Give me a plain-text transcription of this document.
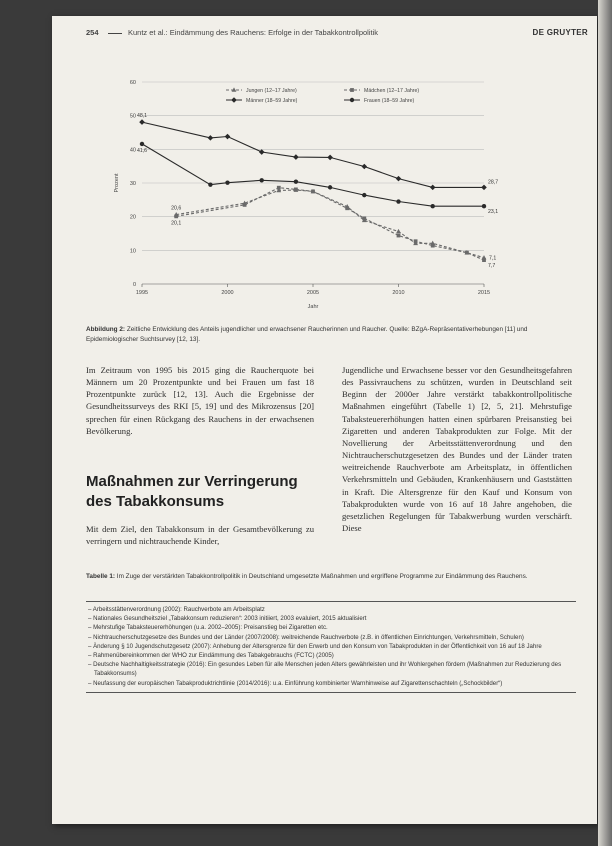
254	Kuntz et al.: Eindämmung des Rauchens: Erfolge in der Tabakkontrollpolitik	DE GRUYTER
0
10
20
30
40
50
60
1995	2000	2005	2010	2015
Jahr
Prozent
48,1
41,6
20,6
20,1
28,7
23,1
7,1
7,7
Jungen (12–17 Jahre)	Mädchen (12–17 Jahre)
Männer (18–59 Jahre)	Frauen (18–59 Jahre)
Abbildung 2: Zeitliche Entwicklung des Anteils jugendlicher und erwachsener Raucherinnen und Raucher. Quelle: BZgA-Repräsentativerhebungen [11] und Epidemiologischer Suchtsurvey [12, 13].

Im Zeitraum von 1995 bis 2015 ging die Raucherquote bei Männern um 20 Prozentpunkte und bei Frauen um fast 18 Prozentpunkte zurück [12, 13]. Auch die Ergebnisse der Gesundheitssurveys des RKI [5, 19] und des Mikrozensus [20] sprechen für einen Rückgang des Rauchens in der erwachsenen Bevölkerung.

Maßnahmen zur Verringerung des Tabakkonsums

Mit dem Ziel, den Tabakkonsum in der Gesamtbevölkerung zu verringern und nichtrauchende Kinder,

Jugendliche und Erwachsene besser vor den Gesundheitsgefahren des Passivrauchens zu schützen, wurden in Deutschland seit Beginn der 2000er Jahre verstärkt tabakkontrollpolitische Maßnahmen eingeführt (Tabelle 1) [2, 5, 21]. Mehrstufige Tabaksteuererhöhungen hatten einen spürbaren Preisanstieg bei Zigaretten und anderen Tabakprodukten zur Folge. Mit der Novellierung der Arbeitsstättenverordnung und den Nichtraucherschutzgesetzen des Bundes und der Länder traten weitreichende Rauchverbote am Arbeitsplatz, in öffentlichen Verkehrsmitteln und Gebäuden, Krankenhäusern und Gaststätten in Kraft. Die Altersgrenze für den Kauf und Konsum von Tabakprodukten wurde von 16 auf 18 Jahre angehoben, die gesetzlichen Regelungen für Tabakwerbung wurden verschärft. Diese

Tabelle 1: Im Zuge der verstärkten Tabakkontrollpolitik in Deutschland umgesetzte Maßnahmen und ergriffene Programme zur Eindämmung des Rauchens.
– Arbeitsstättenverordnung (2002): Rauchverbote am Arbeitsplatz
– Nationales Gesundheitsziel „Tabakkonsum reduzieren“: 2003 initiiert, 2003 evaluiert, 2015 aktualisiert
– Mehrstufige Tabaksteuererhöhungen (u.a. 2002–2005): Preisanstieg bei Zigaretten etc.
– Nichtraucherschutzgesetze des Bundes und der Länder (2007/2008): weitreichende Rauchverbote (z.B. in öffentlichen Einrichtungen, Verkehrsmitteln, Schulen)
– Änderung § 10 Jugendschutzgesetz (2007): Anhebung der Altersgrenze für den Erwerb und den Konsum von Tabakprodukten in der Öffentlichkeit von 16 auf 18 Jahre
– Rahmenübereinkommen der WHO zur Eindämmung des Tabakgebrauchs (FCTC) (2005)
– Deutsche Nachhaltigkeitsstrategie (2016): Ein gesundes Leben für alle Menschen jeden Alters gewährleisten und ihr Wohlergehen fördern (Maßnahmen zur Reduzierung des Tabakkonsums)
– Neufassung der europäischen Tabakproduktrichtlinie (2014/2016): u.a. Einführung kombinierter Warnhinweise auf Zigarettenschachteln („Schockbilder“)
